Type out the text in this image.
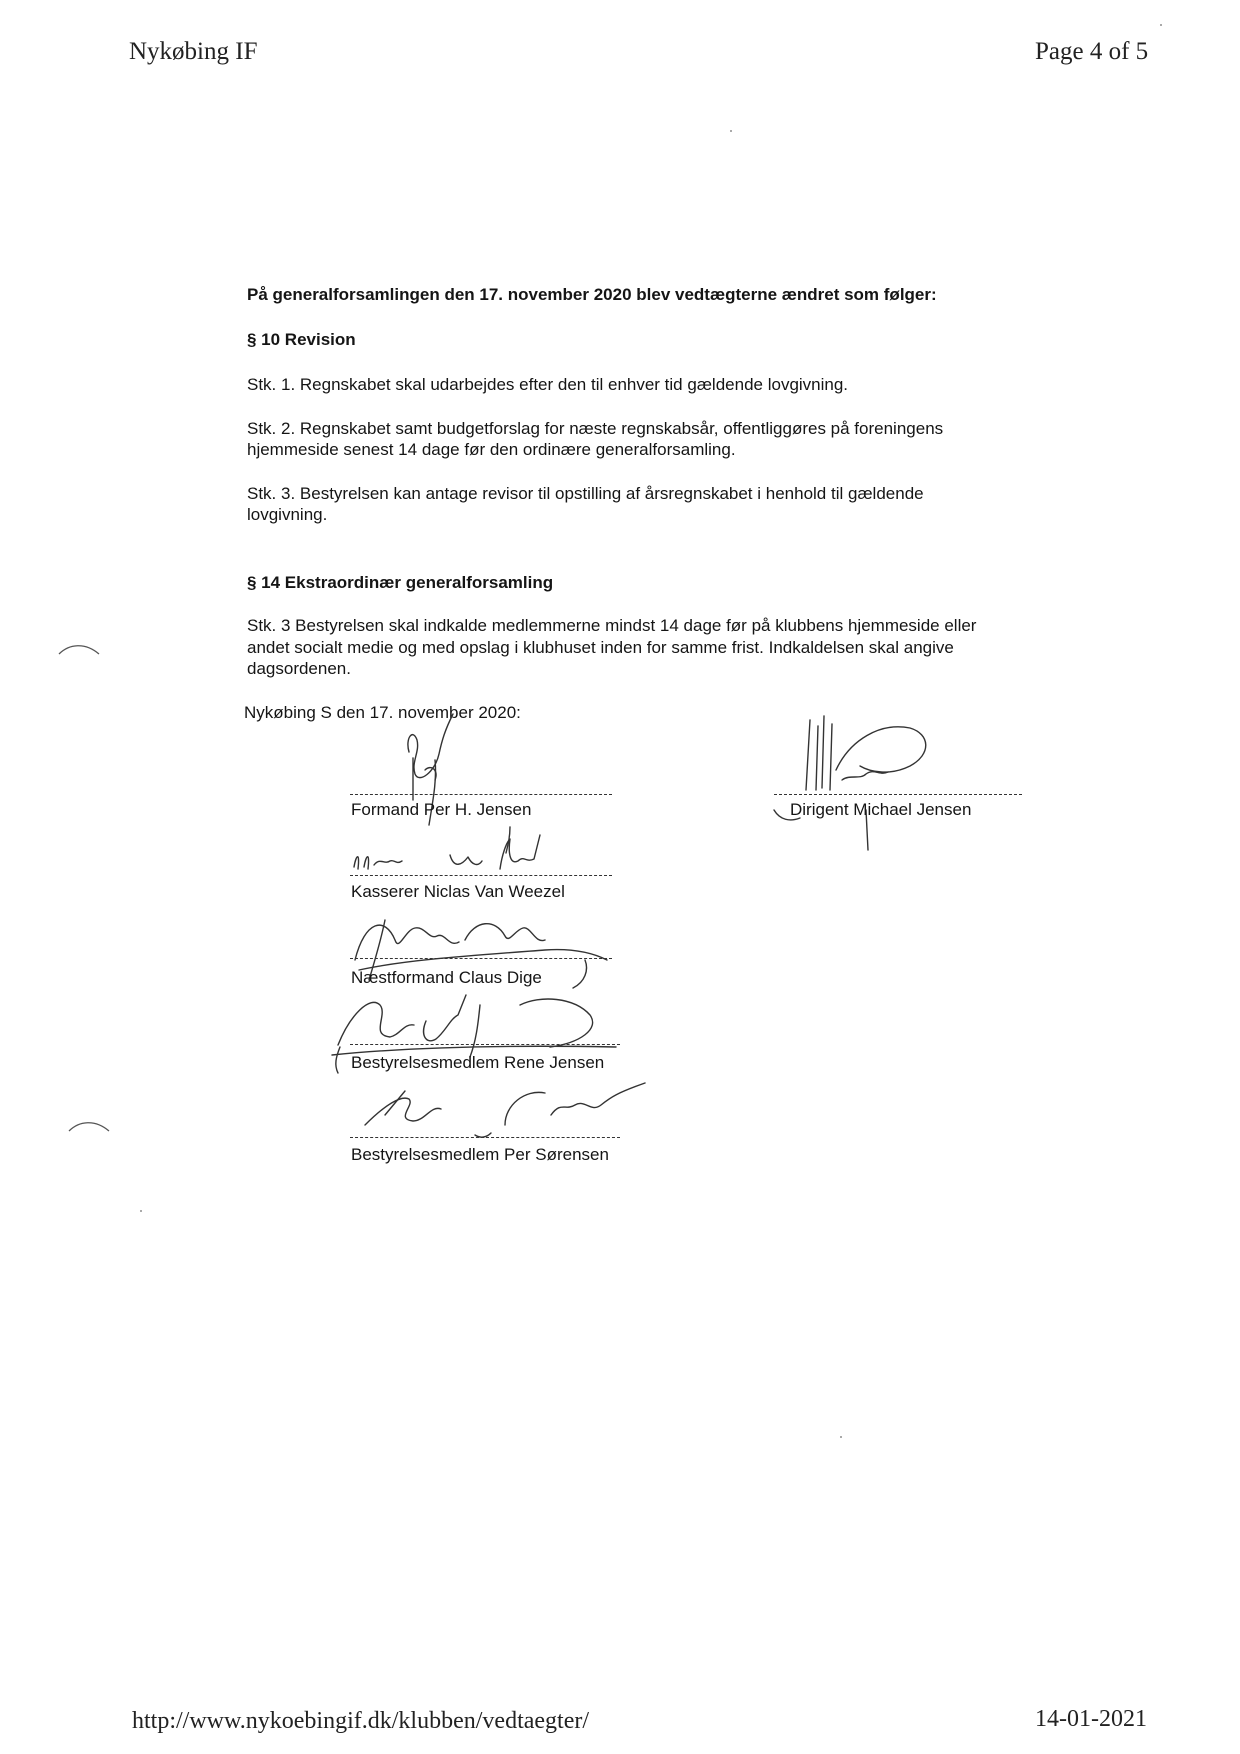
Nykøbing IF	Page 4 of 5
På generalforsamlingen den 17. november 2020 blev vedtægterne ændret som følger:
§ 10 Revision
Stk. 1. Regnskabet skal udarbejdes efter den til enhver tid gældende lovgivning.
Stk. 2. Regnskabet samt budgetforslag for næste regnskabsår, offentliggøres på foreningens
hjemmeside senest 14 dage før den ordinære generalforsamling.
Stk. 3. Bestyrelsen kan antage revisor til opstilling af årsregnskabet i henhold til gældende
lovgivning.
§ 14 Ekstraordinær generalforsamling
Stk. 3 Bestyrelsen skal indkalde medlemmerne mindst 14 dage før på klubbens hjemmeside eller
andet socialt medie og med opslag i klubhuset inden for samme frist. Indkaldelsen skal angive
dagsordenen.
Nykøbing S den 17. november 2020:
Formand Per H. Jensen
Kasserer Niclas Van Weezel
Næstformand Claus Dige
Bestyrelsesmedlem Rene Jensen
Bestyrelsesmedlem Per Sørensen
Dirigent Michael Jensen
http://www.nykoebingif.dk/klubben/vedtaegter/	14-01-2021
